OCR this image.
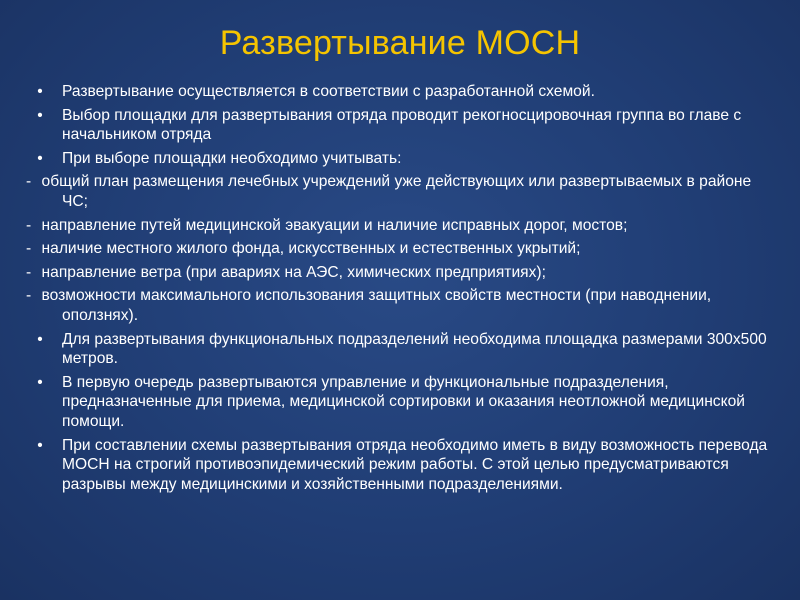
Развертывание МОСН
• Развертывание осуществляется в соответствии с разработанной схемой.
• Выбор площадки для развертывания отряда проводит рекогносцировочная группа во главе с начальником отряда
• При выборе площадки необходимо учитывать:
- общий план размещения лечебных учреждений уже действующих или развертываемых в районе ЧС;
- направление путей медицинской эвакуации и наличие исправных дорог, мостов;
- наличие местного жилого фонда, искусственных и естественных укрытий;
- направление ветра (при авариях на АЭС, химических предприятиях);
- возможности максимального использования защитных свойств местности (при наводнении, оползнях).
• Для развертывания функциональных подразделений необходима площадка размерами 300х500 метров.
• В первую очередь развертываются управление и функциональные подразделения, предназначенные для приема, медицинской сортировки и оказания неотложной медицинской помощи.
• При составлении схемы развертывания отряда необходимо иметь в виду возможность перевода МОСН на строгий противоэпидемический режим работы. С этой целью предусматриваются разрывы между медицинскими и хозяйственными подразделениями.
